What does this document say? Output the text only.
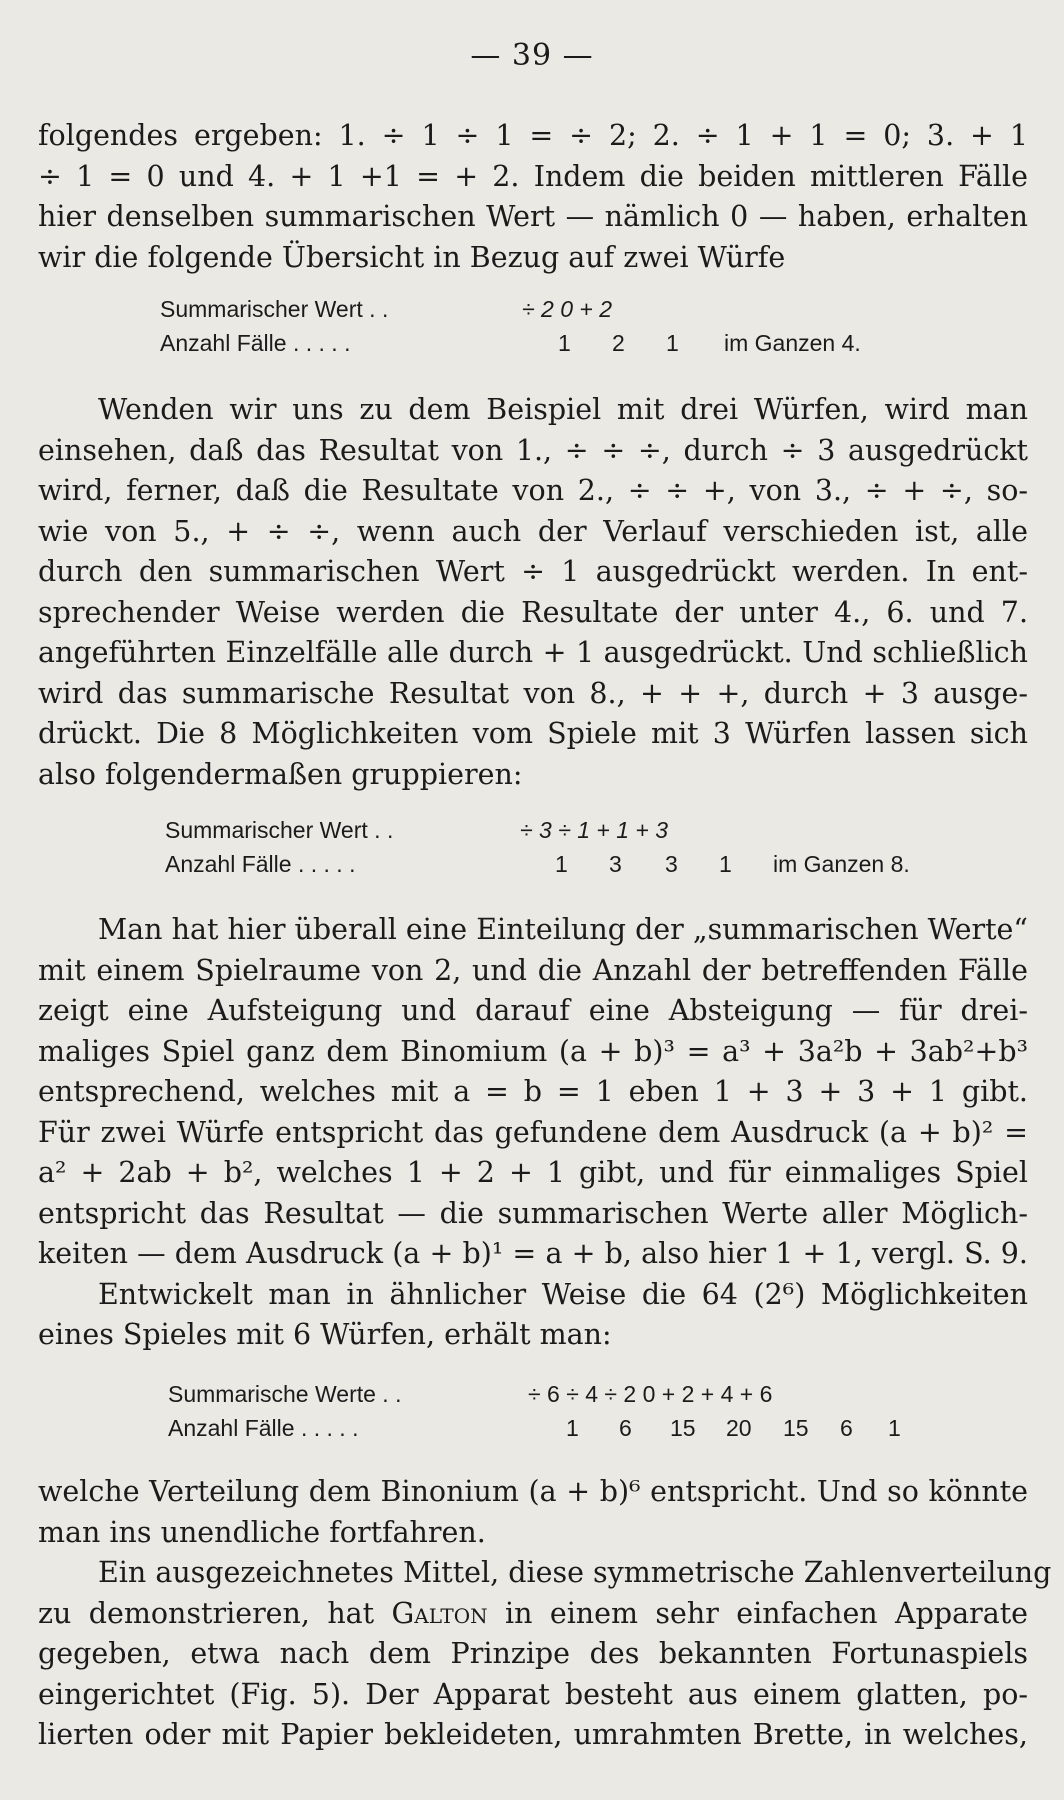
— 39 —
folgendes ergeben: 1. ÷ 1 ÷ 1 = ÷ 2; 2. ÷ 1 + 1 = 0; 3. + 1
÷ 1 = 0 und 4. + 1 +1 = + 2. Indem die beiden mittleren Fälle
hier denselben summarischen Wert — nämlich 0 — haben, erhalten
wir die folgende Übersicht in Bezug auf zwei Würfe
Summarischer Wert . .	÷ 2 0 + 2
Anzahl Fälle . . . . .	1 2 1 im Ganzen 4.
Wenden wir uns zu dem Beispiel mit drei Würfen, wird man
einsehen, daß das Resultat von 1., ÷ ÷ ÷, durch ÷ 3 ausgedrückt
wird, ferner, daß die Resultate von 2., ÷ ÷ +, von 3., ÷ + ÷, so-
wie von 5., + ÷ ÷, wenn auch der Verlauf verschieden ist, alle
durch den summarischen Wert ÷ 1 ausgedrückt werden. In ent-
sprechender Weise werden die Resultate der unter 4., 6. und 7.
angeführten Einzelfälle alle durch + 1 ausgedrückt. Und schließlich
wird das summarische Resultat von 8., + + +, durch + 3 ausge-
drückt. Die 8 Möglichkeiten vom Spiele mit 3 Würfen lassen sich
also folgendermaßen gruppieren:
Summarischer Wert . .	÷ 3 ÷ 1 + 1 + 3
Anzahl Fälle . . . . .	1 3 3 1 im Ganzen 8.
Man hat hier überall eine Einteilung der „summarischen Werte“
mit einem Spielraume von 2, und die Anzahl der betreffenden Fälle
zeigt eine Aufsteigung und darauf eine Absteigung — für drei-
maliges Spiel ganz dem Binomium (a + b)³ = a³ + 3a²b + 3ab²+b³
entsprechend, welches mit a = b = 1 eben 1 + 3 + 3 + 1 gibt.
Für zwei Würfe entspricht das gefundene dem Ausdruck (a + b)² =
a² + 2ab + b², welches 1 + 2 + 1 gibt, und für einmaliges Spiel
entspricht das Resultat — die summarischen Werte aller Möglich-
keiten — dem Ausdruck (a + b)¹ = a + b, also hier 1 + 1, vergl. S. 9.
Entwickelt man in ähnlicher Weise die 64 (2⁶) Möglichkeiten
eines Spieles mit 6 Würfen, erhält man:
Summarische Werte . .	÷ 6 ÷ 4 ÷ 2 0 + 2 + 4 + 6
Anzahl Fälle . . . . .	1 6 15 20 15 6 1
welche Verteilung dem Binonium (a + b)⁶ entspricht. Und so könnte
man ins unendliche fortfahren.
Ein ausgezeichnetes Mittel, diese symmetrische Zahlenverteilung
zu demonstrieren, hat Galton in einem sehr einfachen Apparate
gegeben, etwa nach dem Prinzipe des bekannten Fortunaspiels
eingerichtet (Fig. 5). Der Apparat besteht aus einem glatten, po-
lierten oder mit Papier bekleideten, umrahmten Brette, in welches,
